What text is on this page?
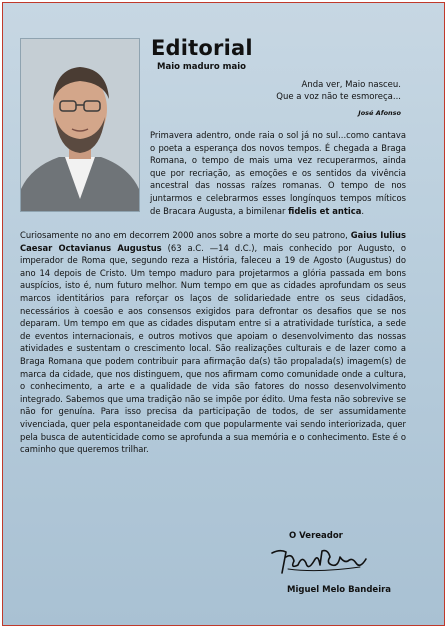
Editorial
Maio maduro maio
Anda ver, Maio nasceu.
Que a voz não te esmoreça...
José Afonso

Primavera adentro, onde raia o sol já no sul...como cantava o poeta a esperança dos novos tempos. É chegada a Braga Romana, o tempo de mais uma vez recuperarmos, ainda que por recriação, as emoções e os sentidos da vivência ancestral das nossas raízes romanas. O tempo de nos juntarmos e celebrarmos esses longínquos tempos míticos de Bracara Augusta, a bimilenar fidelis et antica.

Curiosamente no ano em decorrem 2000 anos sobre a morte do seu patrono, Gaius Iulius Caesar Octavianus Augustus (63 a.C. —14 d.C.), mais conhecido por Augusto, o imperador de Roma que, segundo reza a História, faleceu a 19 de Agosto (Augustus) do ano 14 depois de Cristo. Um tempo maduro para projetarmos a glória passada em bons auspícios, isto é, num futuro melhor. Num tempo em que as cidades aprofundam os seus marcos identitários para reforçar os laços de solidariedade entre os seus cidadãos, necessários à coesão e aos consensos exigidos para defrontar os desafios que se nos deparam. Um tempo em que as cidades disputam entre si a atratividade turística, a sede de eventos internacionais, e outros motivos que apoiam o desenvolvimento das nossas atividades e sustentam o crescimento local. São realizações culturais e de lazer como a Braga Romana que podem contribuir para afirmação da(s) tão propalada(s) imagem(s) de marca da cidade, que nos distinguem, que nos afirmam como comunidade onde a cultura, o conhecimento, a arte e a qualidade de vida são fatores do nosso desenvolvimento integrado. Sabemos que uma tradição não se impõe por édito. Uma festa não sobrevive se não for genuína. Para isso precisa da participação de todos, de ser assumidamente vivenciada, quer pela espontaneidade com que popularmente vai sendo interiorizada, quer pela busca de autenticidade como se aprofunda a sua memória e o conhecimento. Este é o caminho que queremos trilhar.

O Vereador
Miguel Melo Bandeira
